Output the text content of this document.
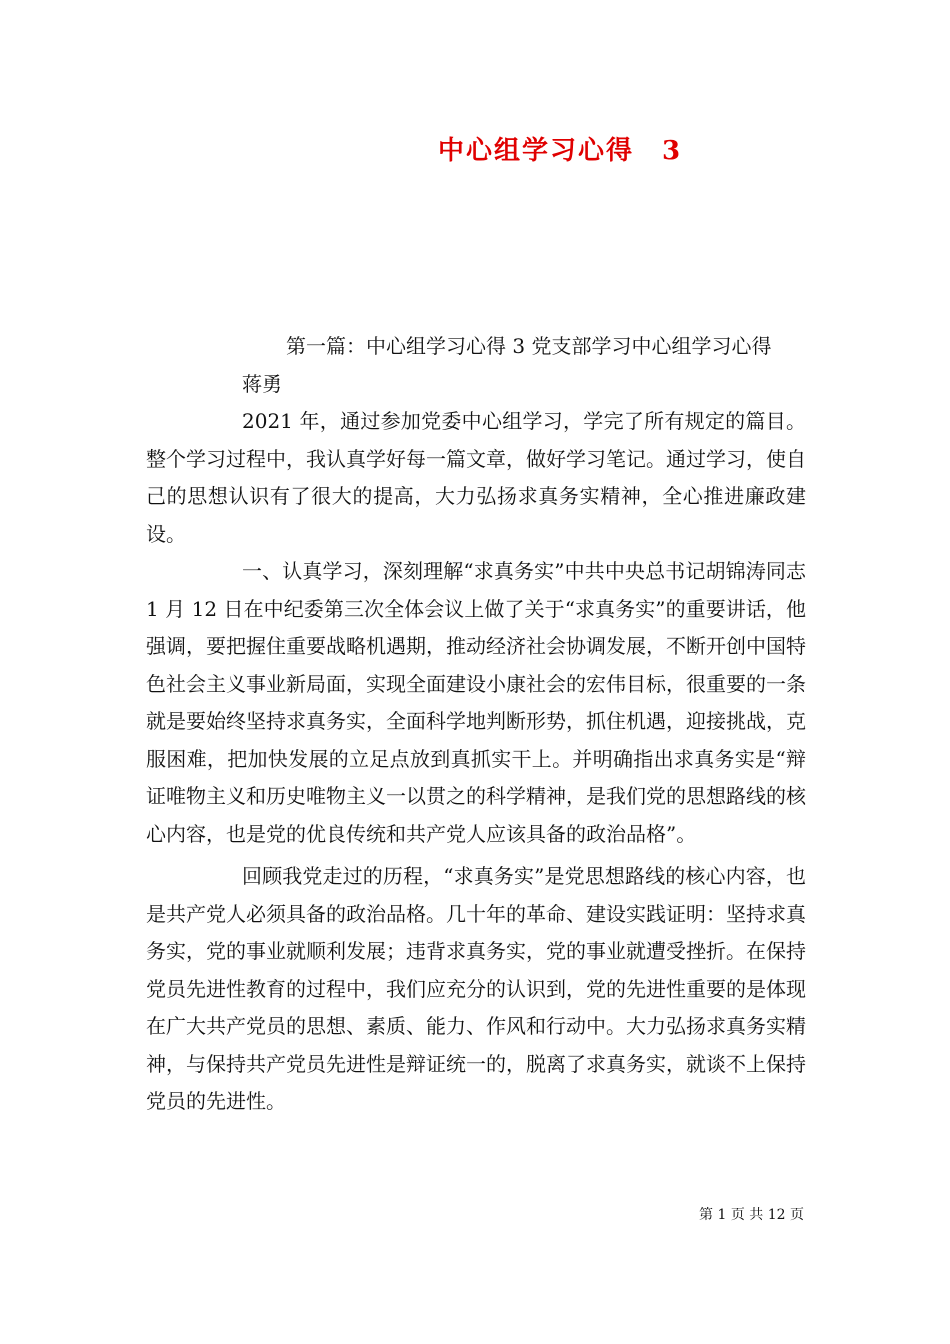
中心组学习心得　3

第一篇：中心组学习心得 3 党支部学习中心组学习心得

蒋勇

2021 年，通过参加党委中心组学习，学完了所有规定的篇目。整个学习过程中，我认真学好每一篇文章，做好学习笔记。通过学习，使自己的思想认识有了很大的提高，大力弘扬求真务实精神，全心推进廉政建设。

一、认真学习，深刻理解“求真务实”中共中央总书记胡锦涛同志 1 月 12 日在中纪委第三次全体会议上做了关于“求真务实”的重要讲话，他强调，要把握住重要战略机遇期，推动经济社会协调发展，不断开创中国特色社会主义事业新局面，实现全面建设小康社会的宏伟目标，很重要的一条就是要始终坚持求真务实，全面科学地判断形势，抓住机遇，迎接挑战，克服困难，把加快发展的立足点放到真抓实干上。并明确指出求真务实是“辩证唯物主义和历史唯物主义一以贯之的科学精神，是我们党的思想路线的核心内容，也是党的优良传统和共产党人应该具备的政治品格”。

回顾我党走过的历程，“求真务实”是党思想路线的核心内容，也是共产党人必须具备的政治品格。几十年的革命、建设实践证明：坚持求真务实，党的事业就顺利发展；违背求真务实，党的事业就遭受挫折。在保持党员先进性教育的过程中，我们应充分的认识到，党的先进性重要的是体现在广大共产党员的思想、素质、能力、作风和行动中。大力弘扬求真务实精神，与保持共产党员先进性是辩证统一的，脱离了求真务实，就谈不上保持党员的先进性。

第 1 页 共 12 页
